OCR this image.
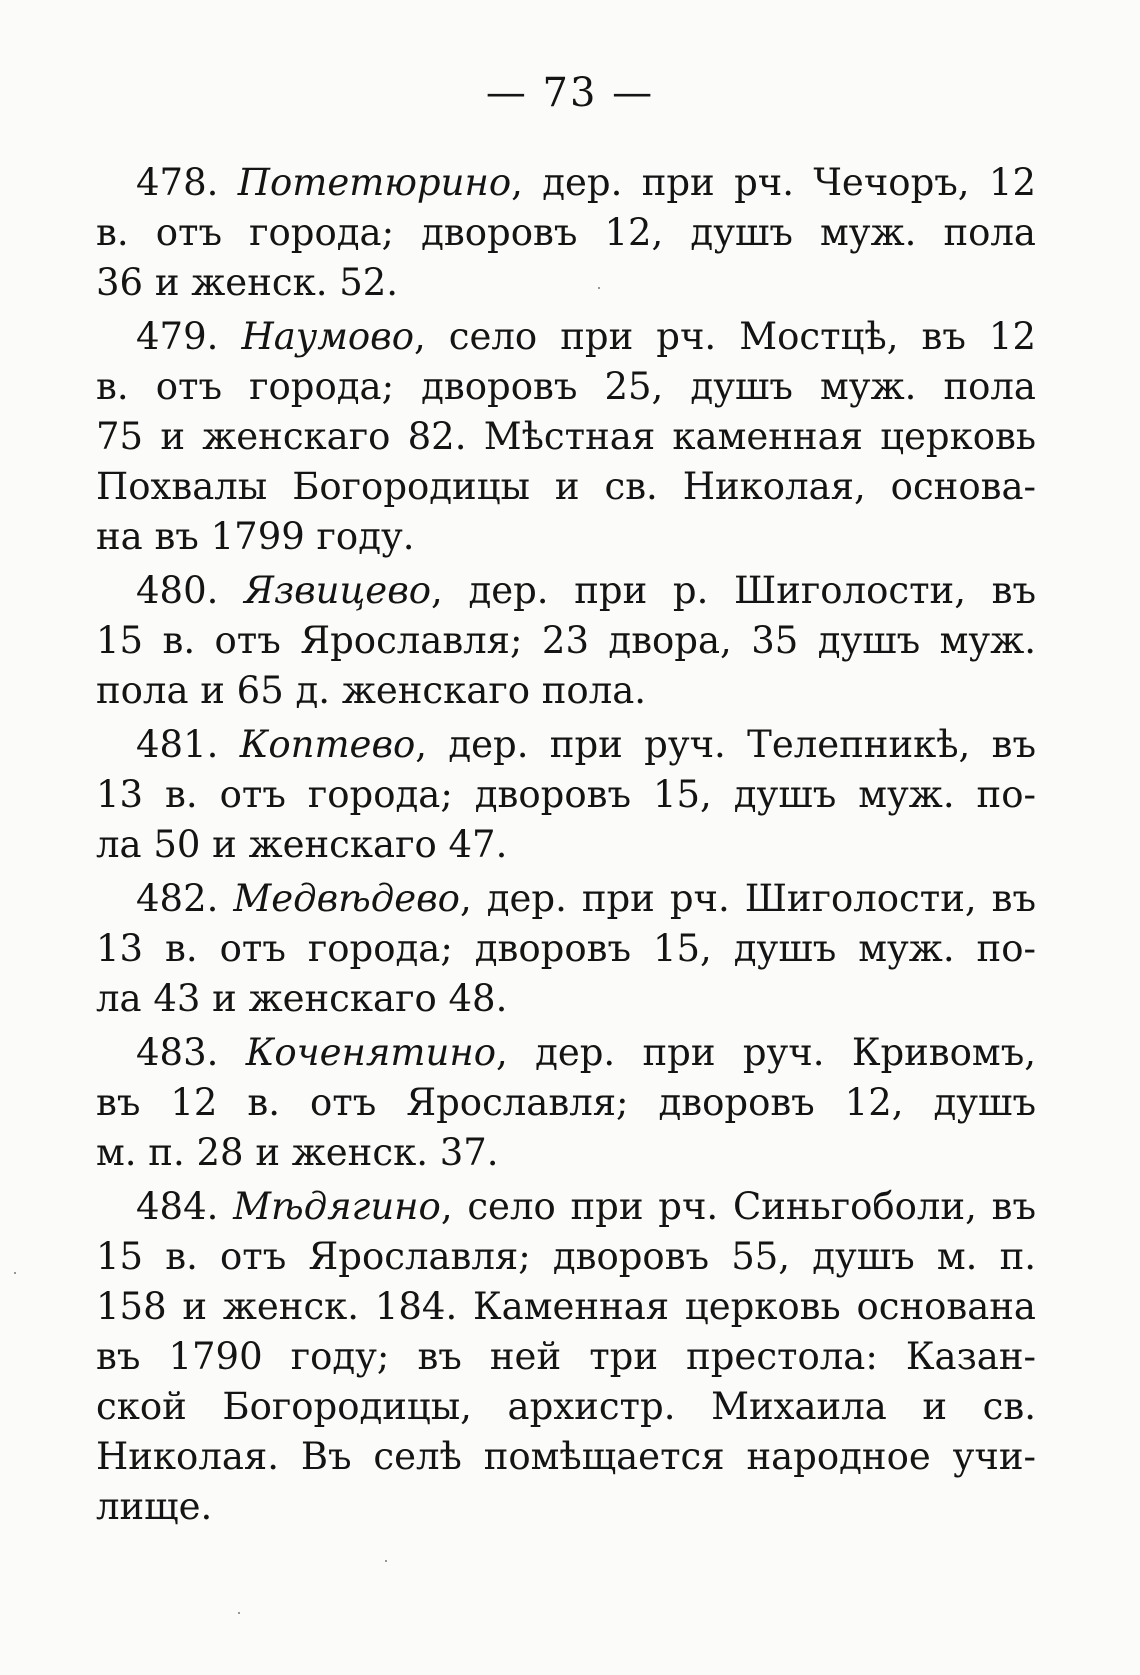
— 73 —
478. Потетюрино, дер. при рч. Чечоръ, 12
в. отъ города; дворовъ 12, душъ муж. пола
36 и женск. 52.
479. Наумово, село при рч. Мостцѣ, въ 12
в. отъ города; дворовъ 25, душъ муж. пола
75 и женскаго 82. Мѣстная каменная церковь
Похвалы Богородицы и св. Николая, основа-
на въ 1799 году.
480. Язвицево, дер. при р. Шиголости, въ
15 в. отъ Ярославля; 23 двора, 35 душъ муж.
пола и 65 д. женскаго пола.
481. Коптево, дер. при руч. Телепникѣ, въ
13 в. отъ города; дворовъ 15, душъ муж. по-
ла 50 и женскаго 47.
482. Медвѣдево, дер. при рч. Шиголости, въ
13 в. отъ города; дворовъ 15, душъ муж. по-
ла 43 и женскаго 48.
483. Коченятино, дер. при руч. Кривомъ,
въ 12 в. отъ Ярославля; дворовъ 12, душъ
м. п. 28 и женск. 37.
484. Мѣдягино, село при рч. Синьгоболи, въ
15 в. отъ Ярославля; дворовъ 55, душъ м. п.
158 и женск. 184. Каменная церковь основана
въ 1790 году; въ ней три престола: Казан-
ской Богородицы, архистр. Михаила и св.
Николая. Въ селѣ помѣщается народное учи-
лище.
